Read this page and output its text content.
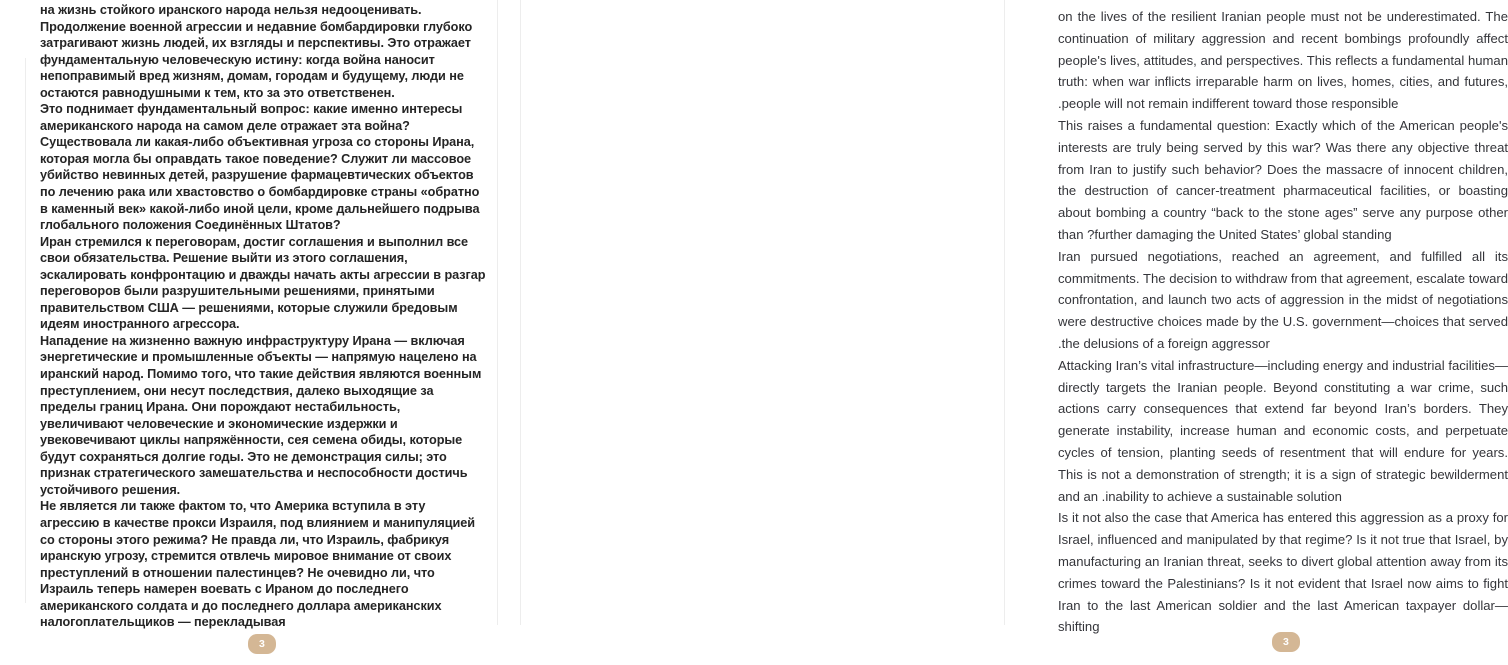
на жизнь стойкого иранского народа нельзя недооценивать. Продолжение военной агрессии и недавние бомбардировки глубоко затрагивают жизнь людей, их взгляды и перспективы. Это отражает фундаментальную человеческую истину: когда война наносит непоправимый вред жизням, домам, городам и будущему, люди не остаются равнодушными к тем, кто за это ответственен.

Это поднимает фундаментальный вопрос: какие именно интересы американского народа на самом деле отражает эта война? Существовала ли какая-либо объективная угроза со стороны Ирана, которая могла бы оправдать такое поведение? Служит ли массовое убийство невинных детей, разрушение фармацевтических объектов по лечению рака или хвастовство о бомбардировке страны «обратно в каменный век» какой-либо иной цели, кроме дальнейшего подрыва глобального положения Соединённых Штатов?

Иран стремился к переговорам, достиг соглашения и выполнил все свои обязательства. Решение выйти из этого соглашения, эскалировать конфронтацию и дважды начать акты агрессии в разгар переговоров были разрушительными решениями, принятыми правительством США — решениями, которые служили бредовым идеям иностранного агрессора.

Нападение на жизненно важную инфраструктуру Ирана — включая энергетические и промышленные объекты — напрямую нацелено на иранский народ. Помимо того, что такие действия являются военным преступлением, они несут последствия, далеко выходящие за пределы границ Ирана. Они порождают нестабильность, увеличивают человеческие и экономические издержки и увековечивают циклы напряжённости, сея семена обиды, которые будут сохраняться долгие годы. Это не демонстрация силы; это признак стратегического замешательства и неспособности достичь устойчивого решения.

Не является ли также фактом то, что Америка вступила в эту агрессию в качестве прокси Израиля, под влиянием и манипуляцией со стороны этого режима? Не правда ли, что Израиль, фабрикуя иранскую угрозу, стремится отвлечь мировое внимание от своих преступлений в отношении палестинцев? Не очевидно ли, что Израиль теперь намерен воевать с Ираном до последнего американского солдата и до последнего доллара американских налогоплательщиков — перекладывая

3

on the lives of the resilient Iranian people must not be underestimated. The continuation of military aggression and recent bombings profoundly affect people's lives, attitudes, and perspectives. This reflects a fundamental human truth: when war inflicts irreparable harm on lives, homes, cities, and futures, .people will not remain indifferent toward those responsible

This raises a fundamental question: Exactly which of the American people's interests are truly being served by this war? Was there any objective threat from Iran to justify such behavior? Does the massacre of innocent children, the destruction of cancer-treatment pharmaceutical facilities, or boasting about bombing a country “back to the stone ages” serve any purpose other than ?further damaging the United States’ global standing

Iran pursued negotiations, reached an agreement, and fulfilled all its commitments. The decision to withdraw from that agreement, escalate toward confrontation, and launch two acts of aggression in the midst of negotiations were destructive choices made by the U.S. government—choices that served .the delusions of a foreign aggressor

Attacking Iran’s vital infrastructure—including energy and industrial facilities—directly targets the Iranian people. Beyond constituting a war crime, such actions carry consequences that extend far beyond Iran’s borders. They generate instability, increase human and economic costs, and perpetuate cycles of tension, planting seeds of resentment that will endure for years. This is not a demonstration of strength; it is a sign of strategic bewilderment and an .inability to achieve a sustainable solution

Is it not also the case that America has entered this aggression as a proxy for Israel, influenced and manipulated by that regime? Is it not true that Israel, by manufacturing an Iranian threat, seeks to divert global attention away from its crimes toward the Palestinians? Is it not evident that Israel now aims to fight Iran to the last American soldier and the last American taxpayer dollar—shifting

3
